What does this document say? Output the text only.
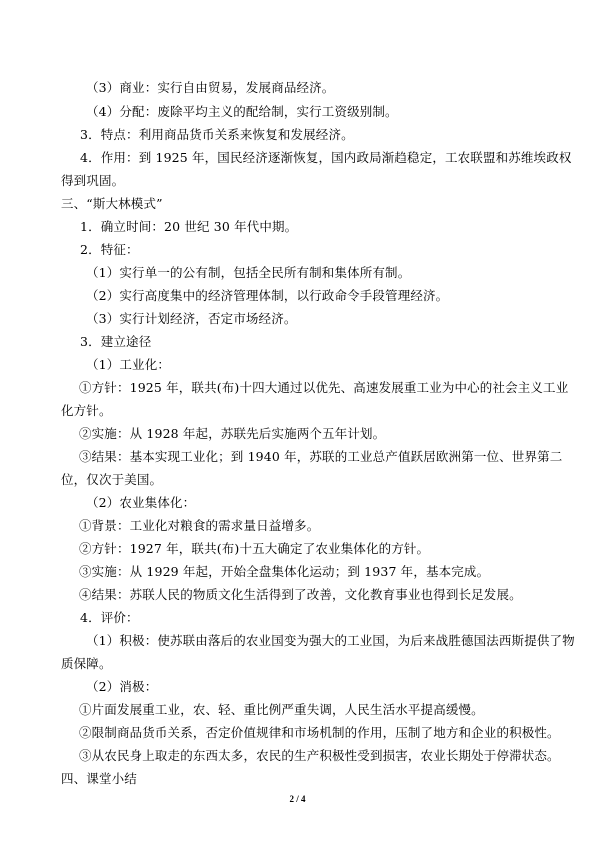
（3）商业：实行自由贸易，发展商品经济。
（4）分配：废除平均主义的配给制，实行工资级别制。
3．特点：利用商品货币关系来恢复和发展经济。
4．作用：到 1925 年，国民经济逐渐恢复，国内政局渐趋稳定，工农联盟和苏维埃政权
得到巩固。
三、“斯大林模式”
1．确立时间：20 世纪 30 年代中期。
2．特征：
（1）实行单一的公有制，包括全民所有制和集体所有制。
（2）实行高度集中的经济管理体制，以行政命令手段管理经济。
（3）实行计划经济，否定市场经济。
3．建立途径
（1）工业化：
①方针：1925 年，联共(布)十四大通过以优先、高速发展重工业为中心的社会主义工业
化方针。
②实施：从 1928 年起，苏联先后实施两个五年计划。
③结果：基本实现工业化；到 1940 年，苏联的工业总产值跃居欧洲第一位、世界第二
位，仅次于美国。
（2）农业集体化：
①背景：工业化对粮食的需求量日益增多。
②方针：1927 年，联共(布)十五大确定了农业集体化的方针。
③实施：从 1929 年起，开始全盘集体化运动；到 1937 年，基本完成。
④结果：苏联人民的物质文化生活得到了改善，文化教育事业也得到长足发展。
4．评价：
（1）积极：使苏联由落后的农业国变为强大的工业国，为后来战胜德国法西斯提供了物
质保障。
（2）消极：
①片面发展重工业，农、轻、重比例严重失调，人民生活水平提高缓慢。
②限制商品货币关系，否定价值规律和市场机制的作用，压制了地方和企业的积极性。
③从农民身上取走的东西太多，农民的生产积极性受到损害，农业长期处于停滞状态。
四、课堂小结
2 / 4
